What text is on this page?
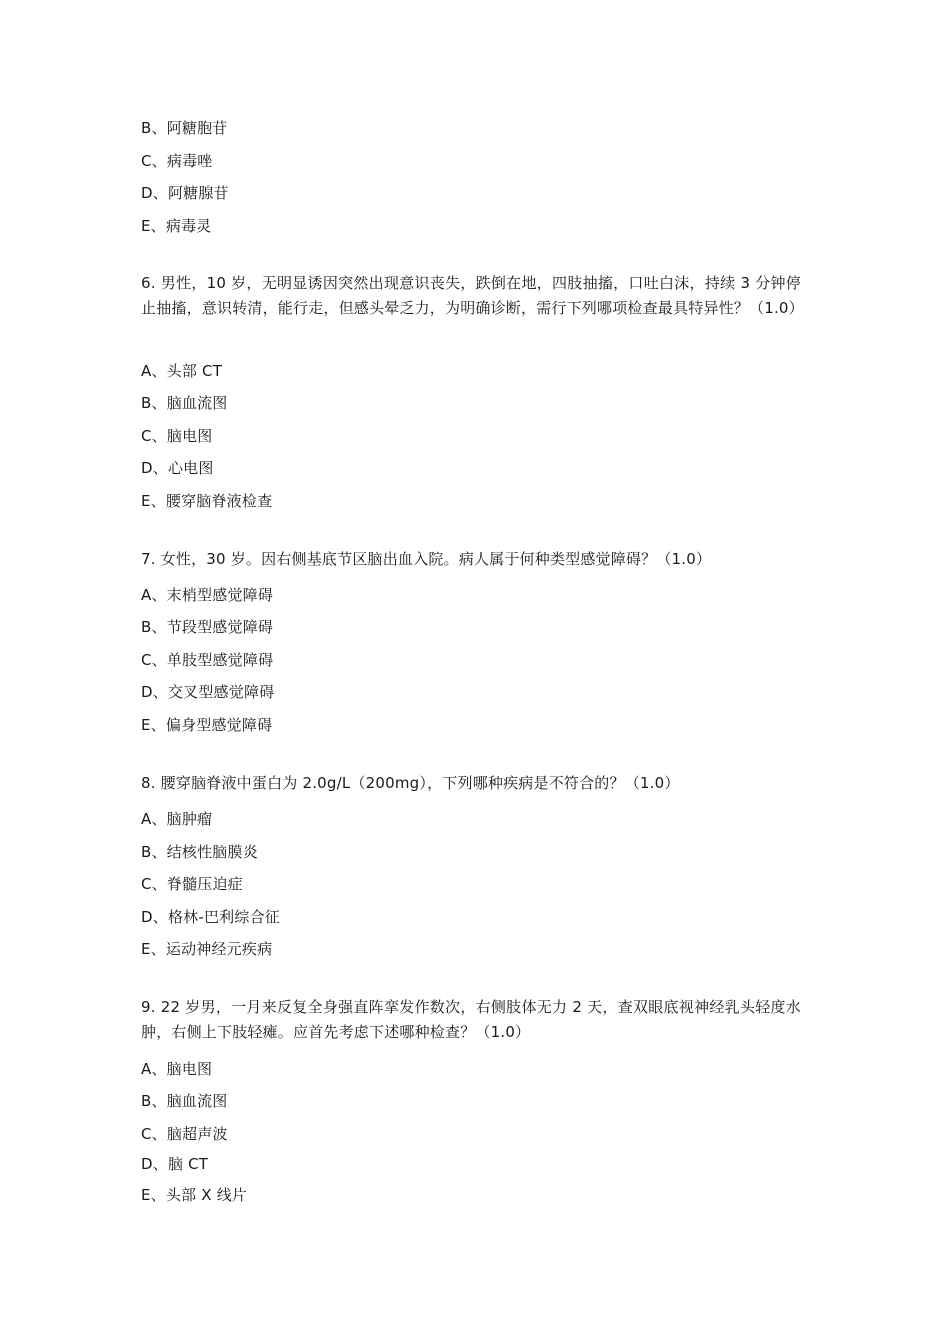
B、阿糖胞苷
C、病毒唑
D、阿糖腺苷
E、病毒灵
6. 男性，10 岁，无明显诱因突然出现意识丧失，跌倒在地，四肢抽搐，口吐白沫，持续 3 分钟停止抽搐，意识转清，能行走，但感头晕乏力，为明确诊断，需行下列哪项检查最具特异性？（1.0）
A、头部 CT
B、脑血流图
C、脑电图
D、心电图
E、腰穿脑脊液检查
7. 女性，30 岁。因右侧基底节区脑出血入院。病人属于何种类型感觉障碍？（1.0）
A、末梢型感觉障碍
B、节段型感觉障碍
C、单肢型感觉障碍
D、交叉型感觉障碍
E、偏身型感觉障碍
8. 腰穿脑脊液中蛋白为 2.0g/L（200mg），下列哪种疾病是不符合的？（1.0）
A、脑肿瘤
B、结核性脑膜炎
C、脊髓压迫症
D、格林-巴利综合征
E、运动神经元疾病
9. 22 岁男，一月来反复全身强直阵挛发作数次，右侧肢体无力 2 天，查双眼底视神经乳头轻度水肿，右侧上下肢轻瘫。应首先考虑下述哪种检查？（1.0）
A、脑电图
B、脑血流图
C、脑超声波
D、脑 CT
E、头部 X 线片
